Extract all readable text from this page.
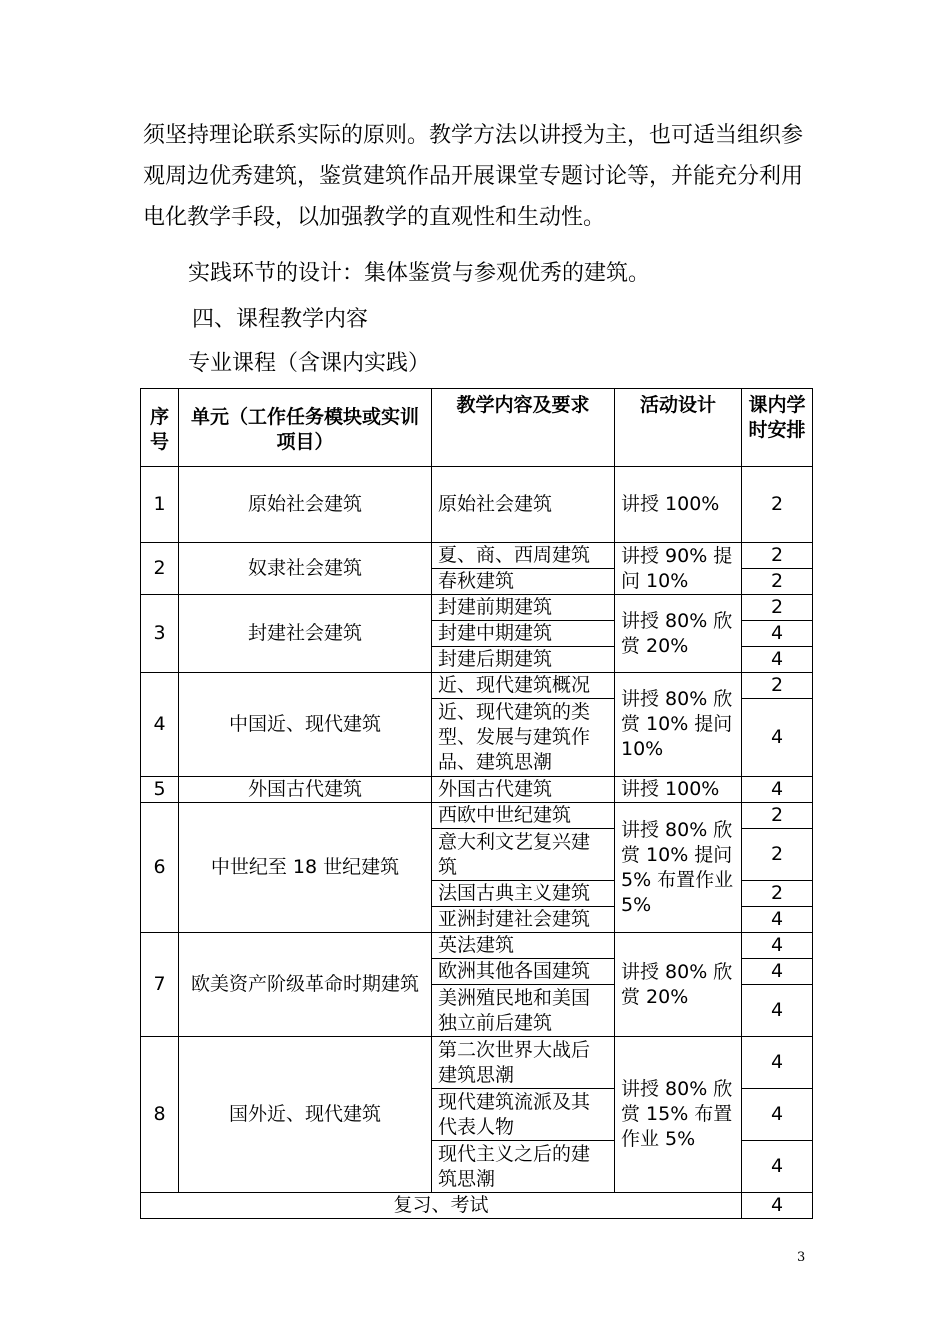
须坚持理论联系实际的原则。教学方法以讲授为主，也可适当组织参观周边优秀建筑，鉴赏建筑作品开展课堂专题讨论等，并能充分利用电化教学手段，以加强教学的直观性和生动性。

实践环节的设计：集体鉴赏与参观优秀的建筑。
四、课程教学内容
专业课程（含课内实践）
序号	单元（工作任务模块或实训项目）	教学内容及要求	活动设计	课内学时安排
1	原始社会建筑	原始社会建筑	讲授 100%	2
2	奴隶社会建筑	夏、商、西周建筑	讲授 90% 提问 10%	2
		春秋建筑		2
3	封建社会建筑	封建前期建筑	讲授 80% 欣赏 20%	2
		封建中期建筑		4
		封建后期建筑		4
4	中国近、现代建筑	近、现代建筑概况	讲授 80% 欣赏 10% 提问 10%	2
		近、现代建筑的类型、发展与建筑作品、建筑思潮		4
5	外国古代建筑	外国古代建筑	讲授 100%	4
6	中世纪至 18 世纪建筑	西欧中世纪建筑	讲授 80% 欣赏 10% 提问 5% 布置作业 5%	2
		意大利文艺复兴建筑		2
		法国古典主义建筑		2
		亚洲封建社会建筑		4
7	欧美资产阶级革命时期建筑	英法建筑	讲授 80% 欣赏 20%	4
		欧洲其他各国建筑		4
		美洲殖民地和美国独立前后建筑		4
8	国外近、现代建筑	第二次世界大战后建筑思潮	讲授 80% 欣赏 15% 布置作业 5%	4
		现代建筑流派及其代表人物		4
		现代主义之后的建筑思潮		4
复习、考试				4
3
